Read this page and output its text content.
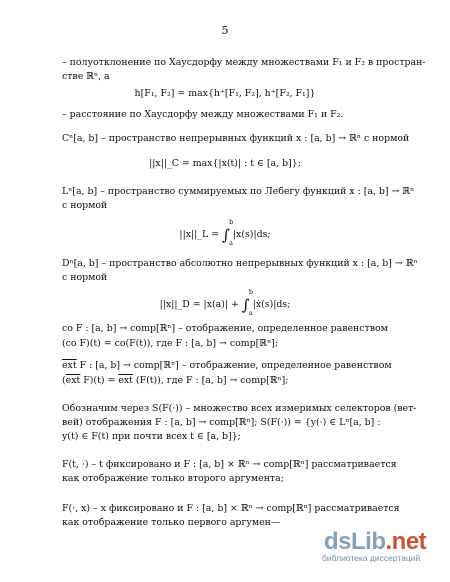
5
– полуотклонение по Хаусдорфу между множествами F₁ и F₂ в простран-
стве ℝⁿ, а
h[F₁, F₂] = max{h⁺[F₁, F₂], h⁺[F₂, F₁]}
– расстояние по Хаусдорфу между множествами F₁ и F₂.
Cⁿ[a, b] – пространство непрерывных функций x : [a, b] → ℝⁿ с нормой
||x||_C = max{|x(t)| : t ∈ [a, b]};
Lⁿ[a, b] – пространство суммируемых по Лебегу функций x : [a, b] → ℝⁿ
с нормой
||x||_L = ∫
b
a
|x(s)|ds;
Dⁿ[a, b] – пространство абсолютно непрерывных функций x : [a, b] → ℝⁿ
с нормой
||x||_D = |x(a)| + ∫
b
a
|ẋ(s)|ds;
co F : [a, b] → comp[ℝⁿ] – отображение, определенное равенством
(co F)(t) = co(F(t)), где F : [a, b] → comp[ℝⁿ];
$\overline{ext}$ F : [a, b] → comp[ℝⁿ] – отображение, определенное равенством
($\overline{ext}$ $F)(t) = \overline{ext}$ (F(t)), где F : [a, b] → comp[ℝⁿ];
Обозначим через S(F(·)) – множество всех измеримых селекторов (вет-
вей) отображения F : [a, b] → comp[ℝⁿ]; S(F(·)) = {y(·) ∈ Lⁿ[a, b] :
y(t) ∈ F(t) при почти всех t ∈ [a, b]};
F(t, ·) – t фиксировано и F : [a, b] × ℝⁿ → comp[ℝⁿ] рассматривается
как отображение только второго аргумента;
F(·, x) – x фиксировано и F : [a, b] × ℝⁿ → comp[ℝⁿ] рассматривается
как отображение только первого аргумен—
dsLib.net
библиотека диссертаций
